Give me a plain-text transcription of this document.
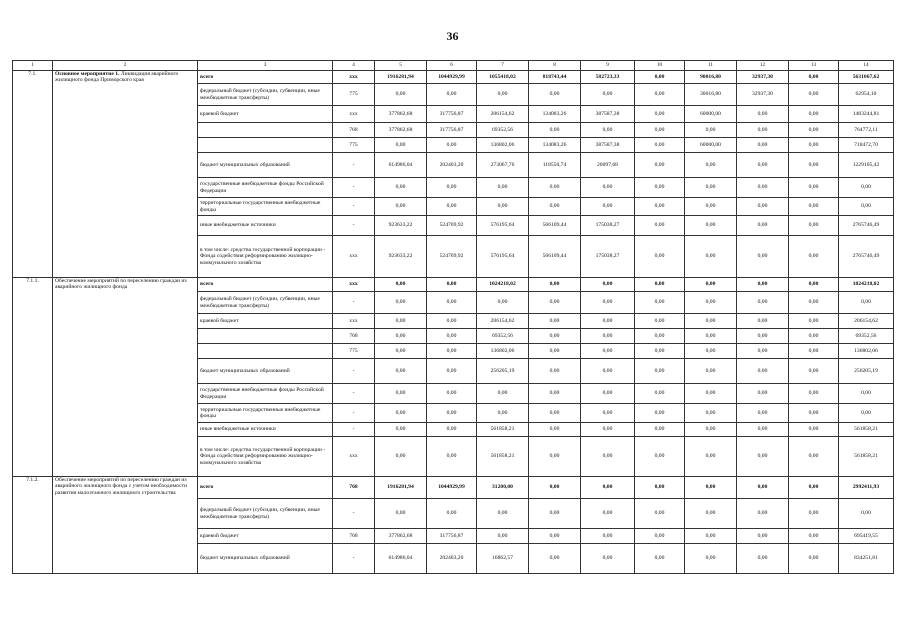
36
1	2	3	4	5	6	7	8	9	10	11	12	13	14
7.1.	Основное мероприятие 1. Ликвидация аварийного жилищного фонда Приморского края	всего	xxx	1916281,94	1044929,99	1055418,02	818743,44	582723,33	0,00	90016,80	32937,30	0,00	5631067,62
		федеральный бюджет (субсидии, субвенции, иные межбюджетные трансферты)	775	0,00	0,00	0,00	0,00	0,00	0,00	30016,80	32937,30	0,00	62954,10
		краевой бюджет	xxx	377862,68	317756,87	206154,62	134083,26	387587,38	0,00	60000,00	0,00	0,00	1483244,81
			768	377862,68	317756,87	69352,56	0,00	0,00	0,00	0,00	0,00	0,00	764772,11
			775	0,00	0,00	136802,06	134083,26	387587,38	0,00	60000,00	0,00	0,00	718472,70
		бюджет муниципальных образований	-	614986,04	202403,20	273067,76	118550,74	20097,68	0,00	0,00	0,00	0,00	1229105,42
		государственные внебюджетные фонды Российской Федерации	-	0,00	0,00	0,00	0,00	0,00	0,00	0,00	0,00	0,00	0,00
		территориальные государственные внебюджетные фонды	-	0,00	0,00	0,00	0,00	0,00	0,00	0,00	0,00	0,00	0,00
		иные внебюджетные источники	-	923633,22	524769,92	576195,64	566109,44	175038,27	0,00	0,00	0,00	0,00	2765746,49
		в том числе: средства государственной корпорации - Фонда содействия реформированию жилищно-коммунального хозяйства	xxx	923633,22	524769,92	576195,64	566109,44	175038,27	0,00	0,00	0,00	0,00	2765746,49
7.1.1.	Обеспечение мероприятий по переселению граждан из аварийного жилищного фонда	всего	xxx	0,00	0,00	1024218,02	0,00	0,00	0,00	0,00	0,00	0,00	1024218,02
		федеральный бюджет (субсидии, субвенции, иные межбюджетные трансферты)	-	0,00	0,00	0,00	0,00	0,00	0,00	0,00	0,00	0,00	0,00
		краевой бюджет	xxx	0,00	0,00	206154,62	0,00	0,00	0,00	0,00	0,00	0,00	206154,62
			768	0,00	0,00	69352,56	0,00	0,00	0,00	0,00	0,00	0,00	69352,56
			775	0,00	0,00	136802,06	0,00	0,00	0,00	0,00	0,00	0,00	136802,06
		бюджет муниципальных образований	-	0,00	0,00	256205,19	0,00	0,00	0,00	0,00	0,00	0,00	256205,19
		государственные внебюджетные фонды Российской Федерации	-	0,00	0,00	0,00	0,00	0,00	0,00	0,00	0,00	0,00	0,00
		территориальные государственные внебюджетные фонды	-	0,00	0,00	0,00	0,00	0,00	0,00	0,00	0,00	0,00	0,00
		иные внебюджетные источники	-	0,00	0,00	561858,21	0,00	0,00	0,00	0,00	0,00	0,00	561858,21
		в том числе: средства государственной корпорации - Фонда содействия реформированию жилищно-коммунального хозяйства	xxx	0,00	0,00	561858,21	0,00	0,00	0,00	0,00	0,00	0,00	561858,21
7.1.2.	Обеспечение мероприятий по переселению граждан из аварийного жилищного фонда с учетом необходимости развития малоэтажного жилищного строительства	всего	768	1916281,94	1044929,99	31200,00	0,00	0,00	0,00	0,00	0,00	0,00	2992411,93
		федеральный бюджет (субсидии, субвенции, иные межбюджетные трансферты)	-	0,00	0,00	0,00	0,00	0,00	0,00	0,00	0,00	0,00	0,00
		краевой бюджет	768	377862,68	317756,87	0,00	0,00	0,00	0,00	0,00	0,00	0,00	695419,55
		бюджет муниципальных образований	-	614986,04	202403,20	16862,57	0,00	0,00	0,00	0,00	0,00	0,00	834251,81
